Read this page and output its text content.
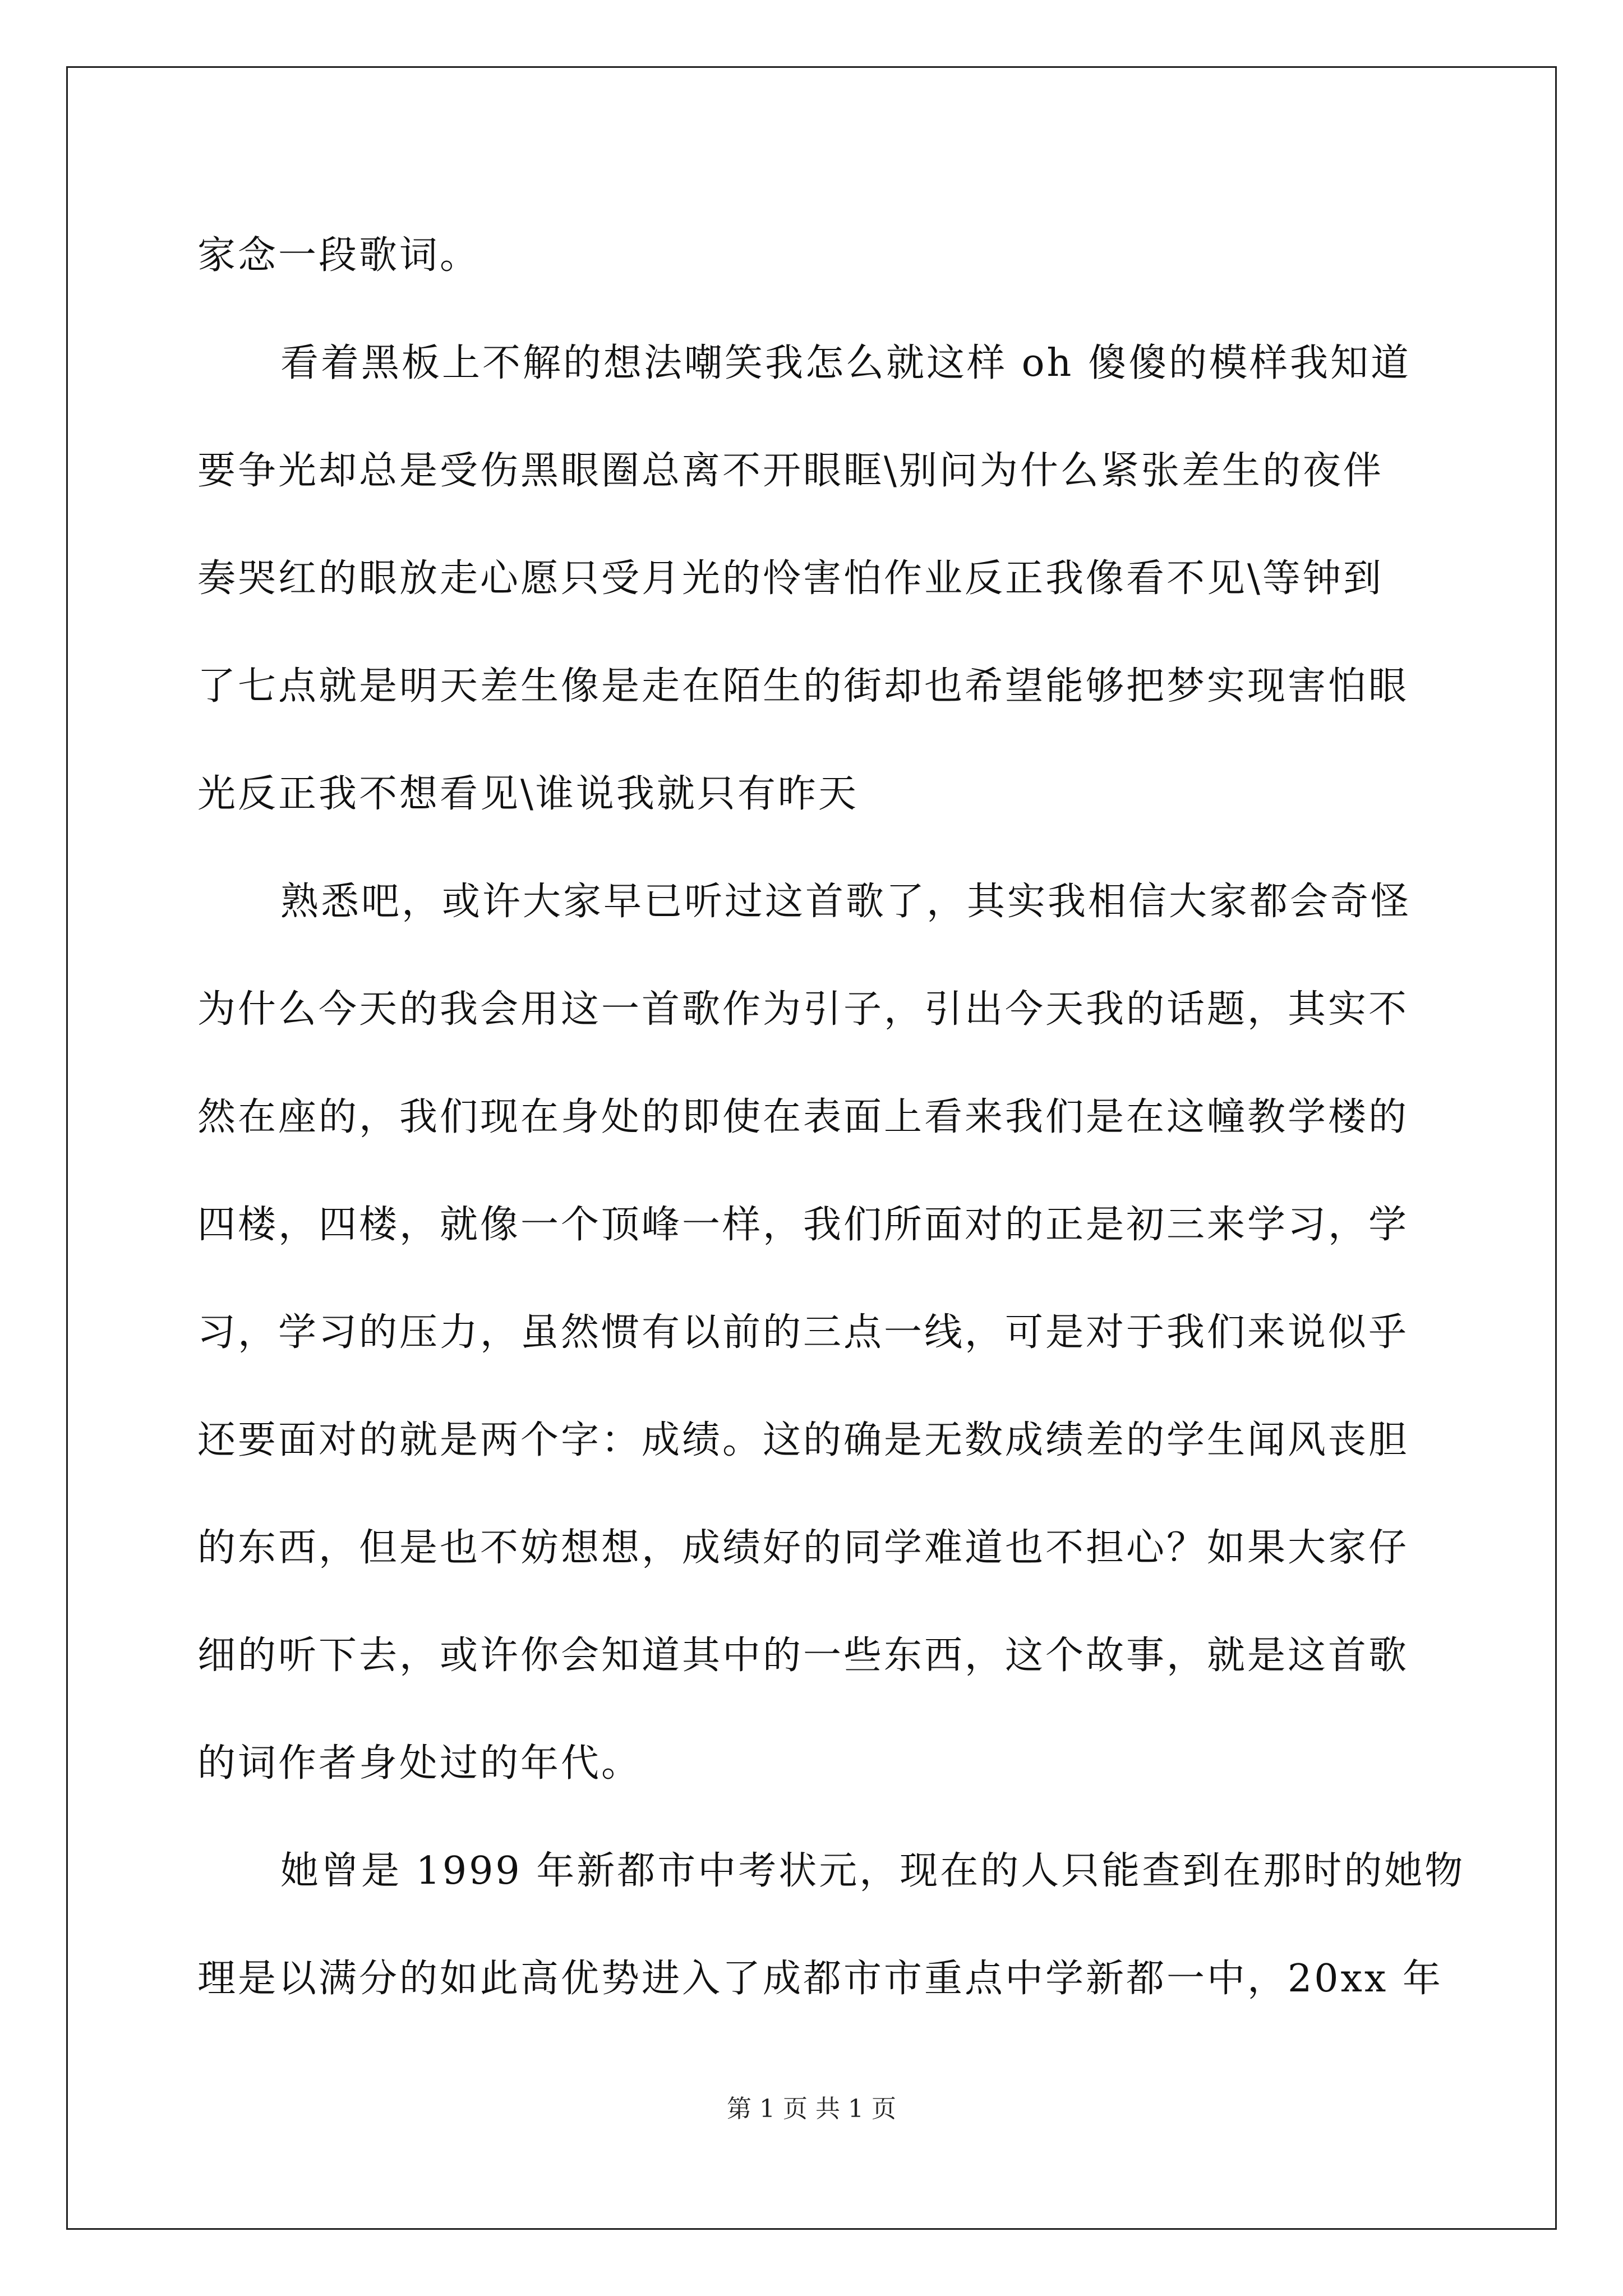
家念一段歌词。
看着黑板上不解的想法嘲笑我怎么就这样 oh 傻傻的模样我知道
要争光却总是受伤黑眼圈总离不开眼眶\别问为什么紧张差生的夜伴
奏哭红的眼放走心愿只受月光的怜害怕作业反正我像看不见\等钟到
了七点就是明天差生像是走在陌生的街却也希望能够把梦实现害怕眼
光反正我不想看见\谁说我就只有昨天
熟悉吧，或许大家早已听过这首歌了，其实我相信大家都会奇怪
为什么今天的我会用这一首歌作为引子，引出今天我的话题，其实不
然在座的，我们现在身处的即使在表面上看来我们是在这幢教学楼的
四楼，四楼，就像一个顶峰一样，我们所面对的正是初三来学习，学
习，学习的压力，虽然惯有以前的三点一线，可是对于我们来说似乎
还要面对的就是两个字：成绩。这的确是无数成绩差的学生闻风丧胆
的东西，但是也不妨想想，成绩好的同学难道也不担心？如果大家仔
细的听下去，或许你会知道其中的一些东西，这个故事，就是这首歌
的词作者身处过的年代。
她曾是 1999 年新都市中考状元，现在的人只能查到在那时的她物
理是以满分的如此高优势进入了成都市市重点中学新都一中，20xx 年
第 1 页 共 1 页
